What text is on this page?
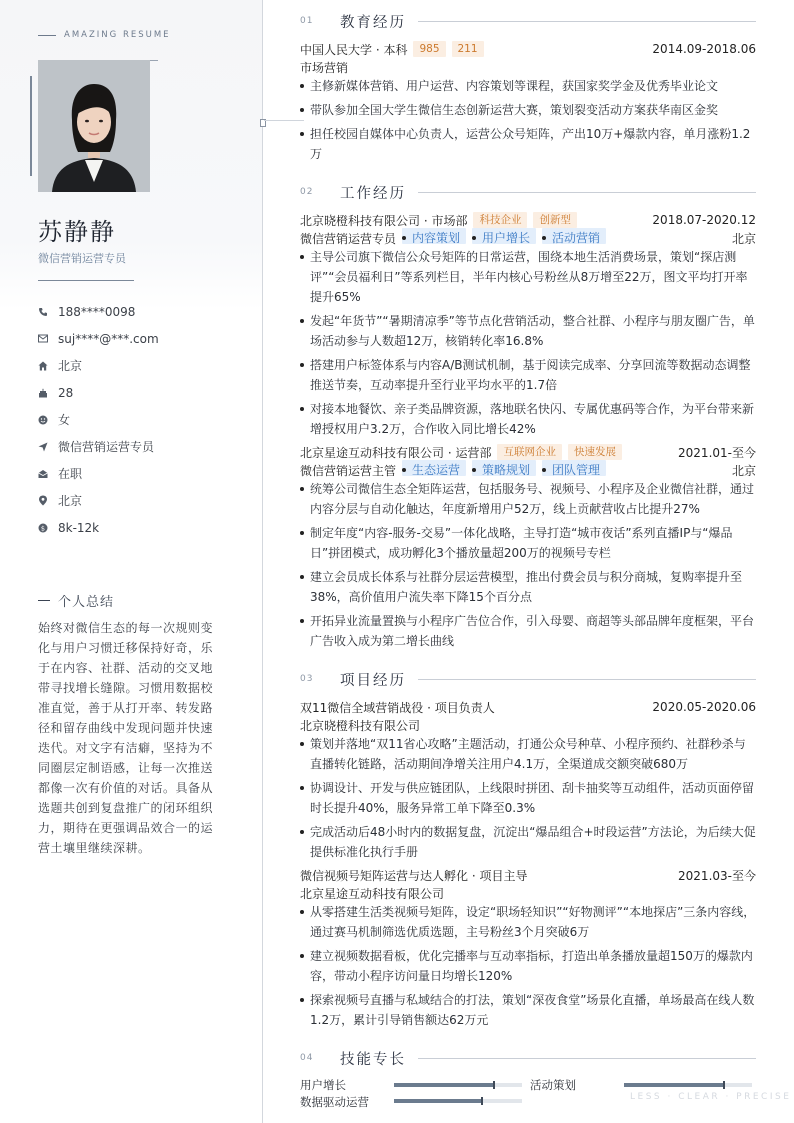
AMAZING RESUME
苏静静
微信营销运营专员
188****0098
suj****@***.com
北京
28
女
微信营销运营专员
在职
北京
$ 8k-12k
个人总结
始终对微信生态的每一次规则变化与用户习惯迁移保持好奇，乐于在内容、社群、活动的交叉地带寻找增长缝隙。习惯用数据校准直觉，善于从打开率、转发路径和留存曲线中发现问题并快速迭代。对文字有洁癖，坚持为不同圈层定制语感，让每一次推送都像一次有价值的对话。具备从选题共创到复盘推广的闭环组织力，期待在更强调品效合一的运营土壤里继续深耕。
01	教育经历
中国人民大学 · 本科	985	211	2014.09-2018.06
市场营销
主修新媒体营销、用户运营、内容策划等课程，获国家奖学金及优秀毕业论文
带队参加全国大学生微信生态创新运营大赛，策划裂变活动方案获华南区金奖
担任校园自媒体中心负责人，运营公众号矩阵，产出10万+爆款内容，单月涨粉1.2万
02	工作经历
北京晓橙科技有限公司 · 市场部	科技企业	创新型	2018.07-2020.12
微信营销运营专员	内容策划	用户增长	活动营销	北京
主导公司旗下微信公众号矩阵的日常运营，围绕本地生活消费场景，策划“探店测评”“会员福利日”等系列栏目，半年内核心号粉丝从8万增至22万，图文平均打开率提升65%
发起“年货节”“暑期清凉季”等节点化营销活动，整合社群、小程序与朋友圈广告，单场活动参与人数超12万，核销转化率16.8%
搭建用户标签体系与内容A/B测试机制，基于阅读完成率、分享回流等数据动态调整推送节奏，互动率提升至行业平均水平的1.7倍
对接本地餐饮、亲子类品牌资源，落地联名快闪、专属优惠码等合作，为平台带来新增授权用户3.2万，合作收入同比增长42%
北京星途互动科技有限公司 · 运营部	互联网企业	快速发展	2021.01-至今
微信营销运营主管	生态运营	策略规划	团队管理	北京
统筹公司微信生态全矩阵运营，包括服务号、视频号、小程序及企业微信社群，通过内容分层与自动化触达，年度新增用户52万，线上贡献营收占比提升27%
制定年度“内容-服务-交易”一体化战略，主导打造“城市夜话”系列直播IP与“爆品日”拼团模式，成功孵化3个播放量超200万的视频号专栏
建立会员成长体系与社群分层运营模型，推出付费会员与积分商城，复购率提升至38%，高价值用户流失率下降15个百分点
开拓异业流量置换与小程序广告位合作，引入母婴、商超等头部品牌年度框架，平台广告收入成为第二增长曲线
03	项目经历
双11微信全域营销战役 · 项目负责人	2020.05-2020.06
北京晓橙科技有限公司
策划并落地“双11省心攻略”主题活动，打通公众号种草、小程序预约、社群秒杀与直播转化链路，活动期间净增关注用户4.1万，全渠道成交额突破680万
协调设计、开发与供应链团队，上线限时拼团、刮卡抽奖等互动组件，活动页面停留时长提升40%，服务异常工单下降至0.3%
完成活动后48小时内的数据复盘，沉淀出“爆品组合+时段运营”方法论，为后续大促提供标准化执行手册
微信视频号矩阵运营与达人孵化 · 项目主导	2021.03-至今
北京星途互动科技有限公司
从零搭建生活类视频号矩阵，设定“职场轻知识”“好物测评”“本地探店”三条内容线，通过赛马机制筛选优质选题，主号粉丝3个月突破6万
建立视频数据看板，优化完播率与互动率指标，打造出单条播放量超150万的爆款内容，带动小程序访问量日均增长120%
探索视频号直播与私域结合的打法，策划“深夜食堂”场景化直播，单场最高在线人数1.2万，累计引导销售额达62万元
04	技能专长
用户增长	活动策划
数据驱动运营	LESS · CLEAR · PRECISE
